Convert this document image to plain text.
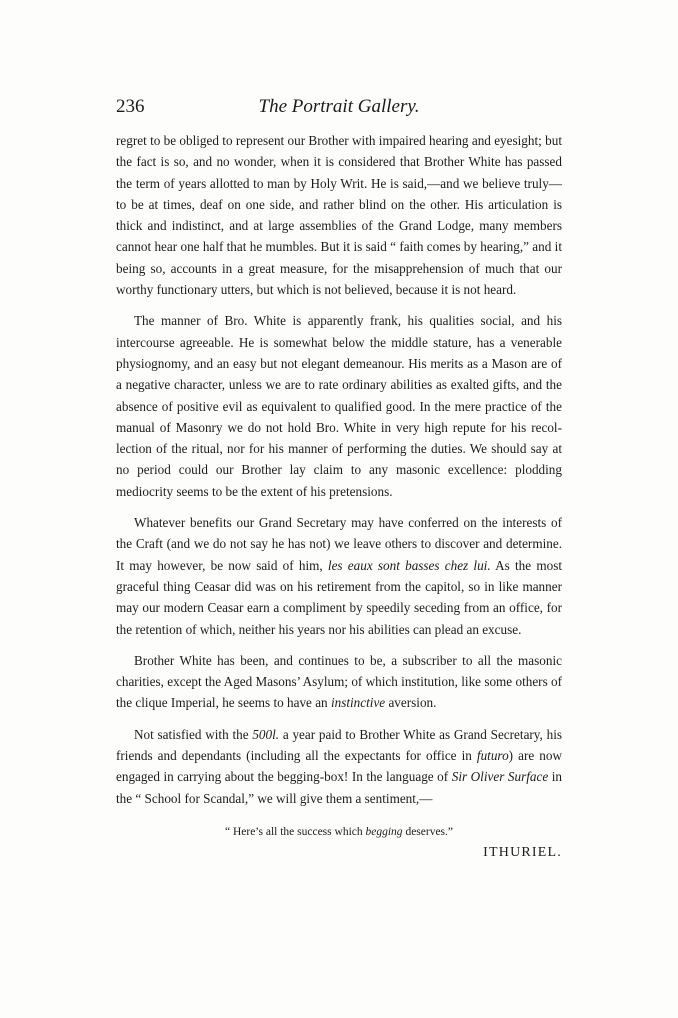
236	The Portrait Gallery.

regret to be obliged to represent our Brother with impaired hearing and eyesight; but the fact is so, and no wonder, when it is considered that Brother White has passed the term of years allotted to man by Holy Writ. He is said,—and we believe truly—to be at times, deaf on one side, and rather blind on the other. His articulation is thick and indistinct, and at large assemblies of the Grand Lodge, many members cannot hear one half that he mumbles. But it is said “ faith comes by hearing,” and it being so, accounts in a great measure, for the misapprehension of much that our worthy functionary utters, but which is not believed, because it is not heard.

The manner of Bro. White is apparently frank, his qualities social, and his intercourse agreeable. He is somewhat below the middle stature, has a venerable physiognomy, and an easy but not elegant demeanour. His merits as a Mason are of a negative character, unless we are to rate ordinary abilities as exalted gifts, and the absence of positive evil as equivalent to qualified good. In the mere practice of the manual of Masonry we do not hold Bro. White in very high repute for his recollection of the ritual, nor for his manner of performing the duties. We should say at no period could our Brother lay claim to any masonic excellence: plodding mediocrity seems to be the extent of his pretensions.

Whatever benefits our Grand Secretary may have conferred on the interests of the Craft (and we do not say he has not) we leave others to discover and determine. It may however, be now said of him, les eaux sont basses chez lui. As the most graceful thing Ceasar did was on his retirement from the capitol, so in like manner may our modern Ceasar earn a compliment by speedily seceding from an office, for the retention of which, neither his years nor his abilities can plead an excuse.

Brother White has been, and continues to be, a subscriber to all the masonic charities, except the Aged Masons’ Asylum; of which institution, like some others of the clique Imperial, he seems to have an instinctive aversion.

Not satisfied with the 500l. a year paid to Brother White as Grand Secretary, his friends and dependants (including all the expectants for office in futuro) are now engaged in carrying about the begging-box! In the language of Sir Oliver Surface in the “ School for Scandal,” we will give them a sentiment,—

“ Here’s all the success which begging deserves.”

ITHURIEL.
